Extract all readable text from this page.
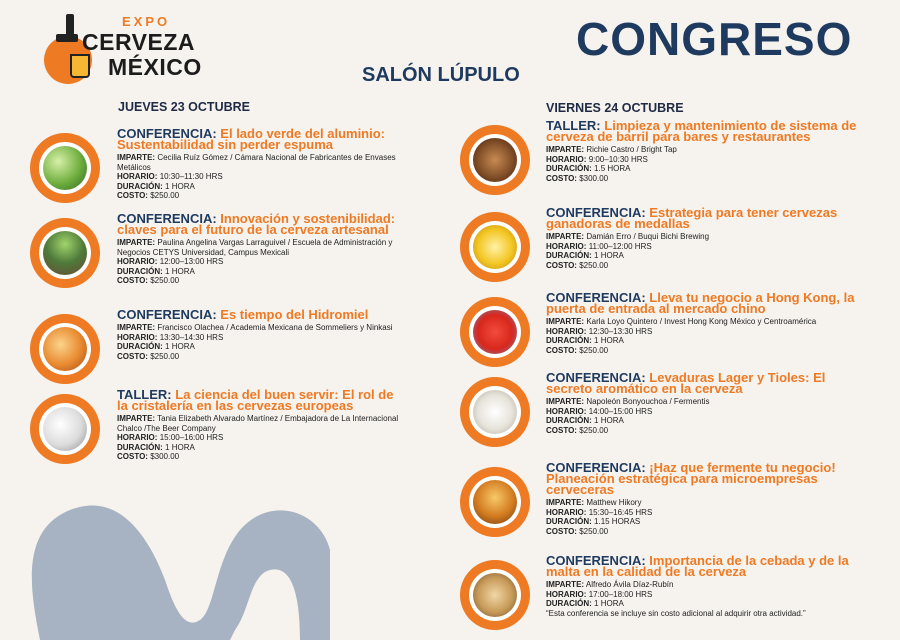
EXPO
CERVEZA
MÉXICO
CONGRESO
SALÓN LÚPULO
JUEVES 23 OCTUBRE	VIERNES 24 OCTUBRE
CONFERENCIA: El lado verde del aluminio: Sustentabilidad sin perder espuma
IMPARTE: Cecilia Ruíz Gómez / Cámara Nacional de Fabricantes de Envases Metálicos
HORARIO: 10:30–11:30 HRS
DURACIÓN: 1 HORA
COSTO: $250.00
CONFERENCIA: Innovación y sostenibilidad: claves para el futuro de la cerveza artesanal
IMPARTE: Paulina Angelina Vargas Larraguivel / Escuela de Administración y Negocios CETYS Universidad, Campus Mexicali
HORARIO: 12:00–13:00 HRS
DURACIÓN: 1 HORA
COSTO: $250.00
CONFERENCIA: Es tiempo del Hidromiel
IMPARTE: Francisco Olachea / Academia Mexicana de Sommeliers y Ninkasi
HORARIO: 13:30–14:30 HRS
DURACIÓN: 1 HORA
COSTO: $250.00
TALLER: La ciencia del buen servir: El rol de la cristalería en las cervezas europeas
IMPARTE: Tania Elizabeth Alvarado Martínez / Embajadora de La Internacional Chalco /The Beer Company
HORARIO: 15:00–16:00 HRS
DURACIÓN: 1 HORA
COSTO: $300.00
TALLER: Limpieza y mantenimiento de sistema de cerveza de barril para bares y restaurantes
IMPARTE: Richie Castro / Bright Tap
HORARIO: 9:00–10:30 HRS
DURACIÓN: 1.5 HORA
COSTO: $300.00
CONFERENCIA: Estrategia para tener cervezas ganadoras de medallas
IMPARTE: Damián Erro / Buqui Bichi Brewing
HORARIO: 11:00–12:00 HRS
DURACIÓN: 1 HORA
COSTO: $250.00
CONFERENCIA: Lleva tu negocio a Hong Kong, la puerta de entrada al mercado chino
IMPARTE: Karla Loyo Quintero / Invest Hong Kong México y Centroamérica
HORARIO: 12:30–13:30 HRS
DURACIÓN: 1 HORA
COSTO: $250.00
CONFERENCIA: Levaduras Lager y Tioles: El secreto aromático en la cerveza
IMPARTE: Napoleón Bonyouchoa / Fermentis
HORARIO: 14:00–15:00 HRS
DURACIÓN: 1 HORA
COSTO: $250.00
CONFERENCIA: ¡Haz que fermente tu negocio! Planeación estratégica para microempresas cerveceras
IMPARTE: Matthew Hikory
HORARIO: 15:30–16:45 HRS
DURACIÓN: 1.15 HORAS
COSTO: $250.00
CONFERENCIA: Importancia de la cebada y de la malta en la calidad de la cerveza
IMPARTE: Alfredo Ávila Díaz-Rubín
HORARIO: 17:00–18:00 HRS
DURACIÓN: 1 HORA
“Esta conferencia se incluye sin costo adicional al adquirir otra actividad.”
